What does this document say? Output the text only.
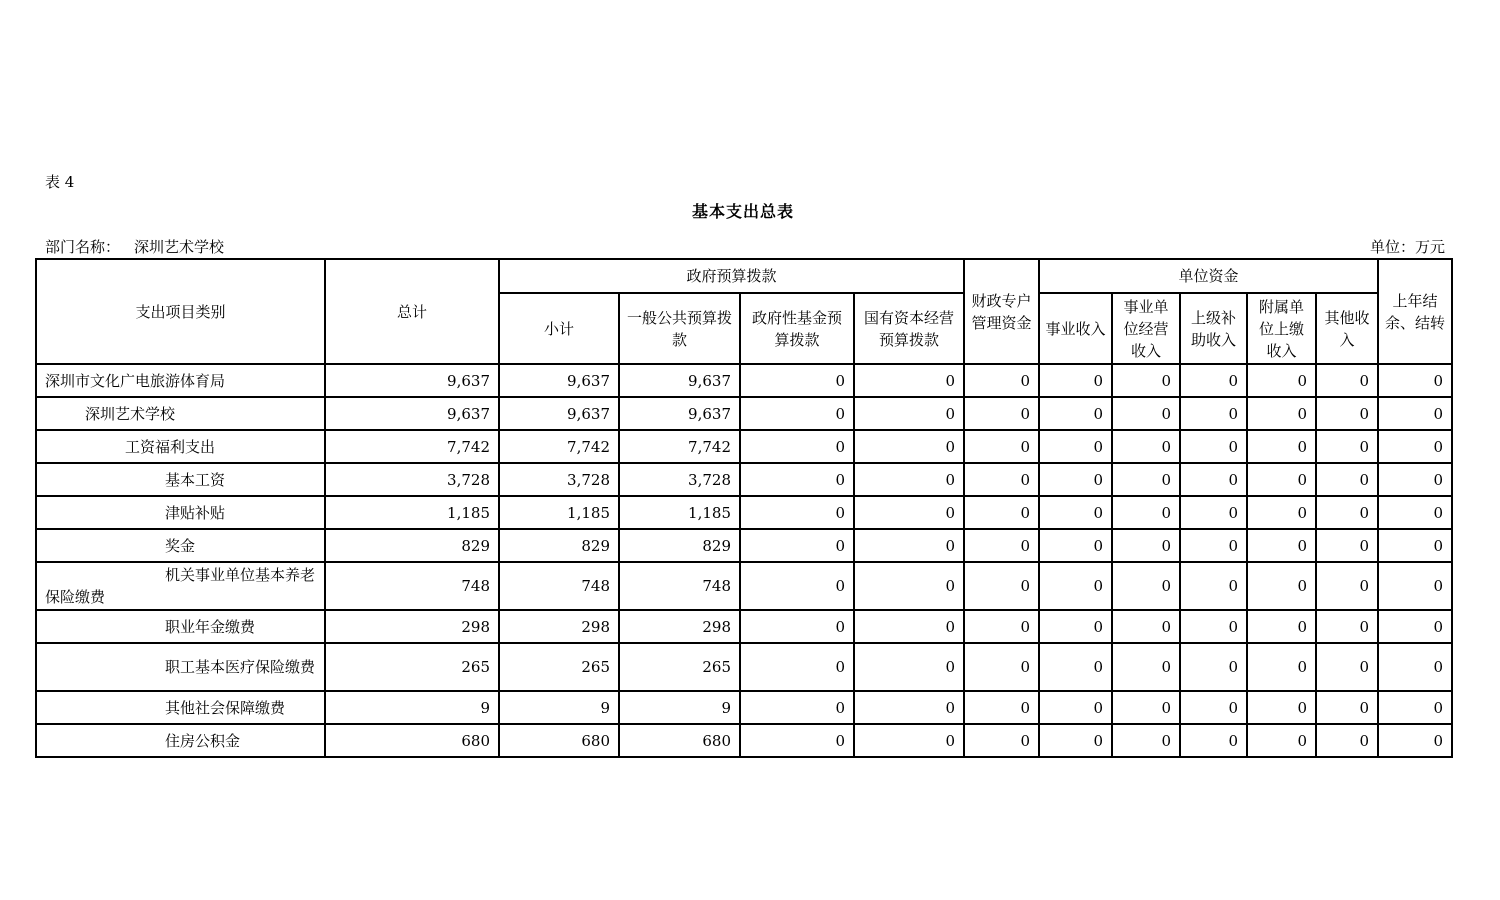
表 4
基本支出总表
部门名称： 深圳艺术学校	单位：万元
支出项目类别	总计	政府预算拨款				财政专户管理资金	单位资金					上年结余、结转
		小计	一般公共预算拨款	政府性基金预算拨款	国有资本经营预算拨款		事业收入	事业单位经营收入	上级补助收入	附属单位上缴收入	其他收入	
深圳市文化广电旅游体育局	9,637	9,637	9,637	0	0	0	0	0	0	0	0	0
深圳艺术学校	9,637	9,637	9,637	0	0	0	0	0	0	0	0	0
工资福利支出	7,742	7,742	7,742	0	0	0	0	0	0	0	0	0
基本工资	3,728	3,728	3,728	0	0	0	0	0	0	0	0	0
津贴补贴	1,185	1,185	1,185	0	0	0	0	0	0	0	0	0
奖金	829	829	829	0	0	0	0	0	0	0	0	0
机关事业单位基本养老保险缴费	748	748	748	0	0	0	0	0	0	0	0	0
职业年金缴费	298	298	298	0	0	0	0	0	0	0	0	0
职工基本医疗保险缴费	265	265	265	0	0	0	0	0	0	0	0	0
其他社会保障缴费	9	9	9	0	0	0	0	0	0	0	0	0
住房公积金	680	680	680	0	0	0	0	0	0	0	0	0
